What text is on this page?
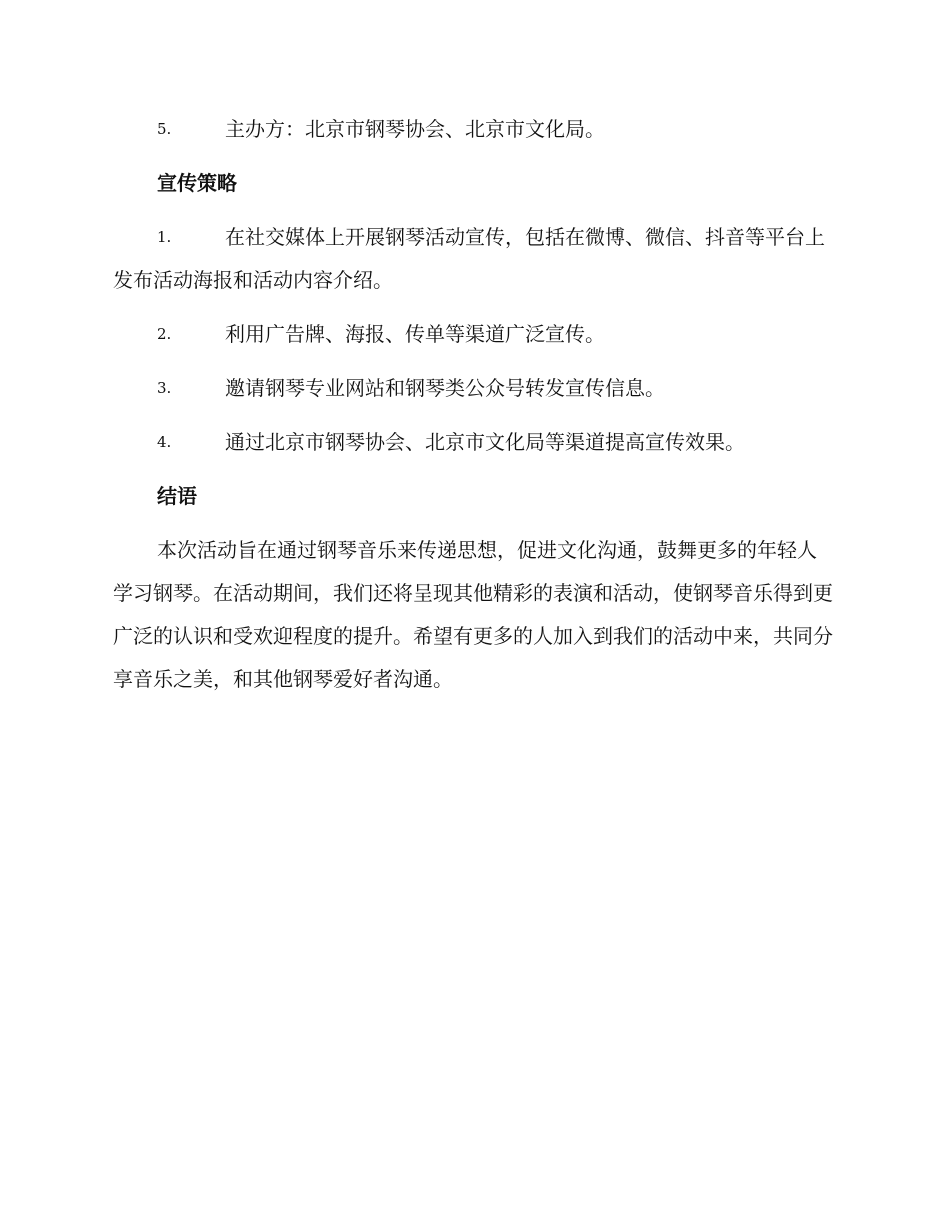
5.	主办方：北京市钢琴协会、北京市文化局。
宣传策略
1.	在社交媒体上开展钢琴活动宣传，包括在微博、微信、抖音等平台上发布活动海报和活动内容介绍。
2.	利用广告牌、海报、传单等渠道广泛宣传。
3.	邀请钢琴专业网站和钢琴类公众号转发宣传信息。
4.	通过北京市钢琴协会、北京市文化局等渠道提高宣传效果。
结语

本次活动旨在通过钢琴音乐来传递思想，促进文化沟通，鼓舞更多的年轻人学习钢琴。在活动期间，我们还将呈现其他精彩的表演和活动，使钢琴音乐得到更广泛的认识和受欢迎程度的提升。希望有更多的人加入到我们的活动中来，共同分享音乐之美，和其他钢琴爱好者沟通。
